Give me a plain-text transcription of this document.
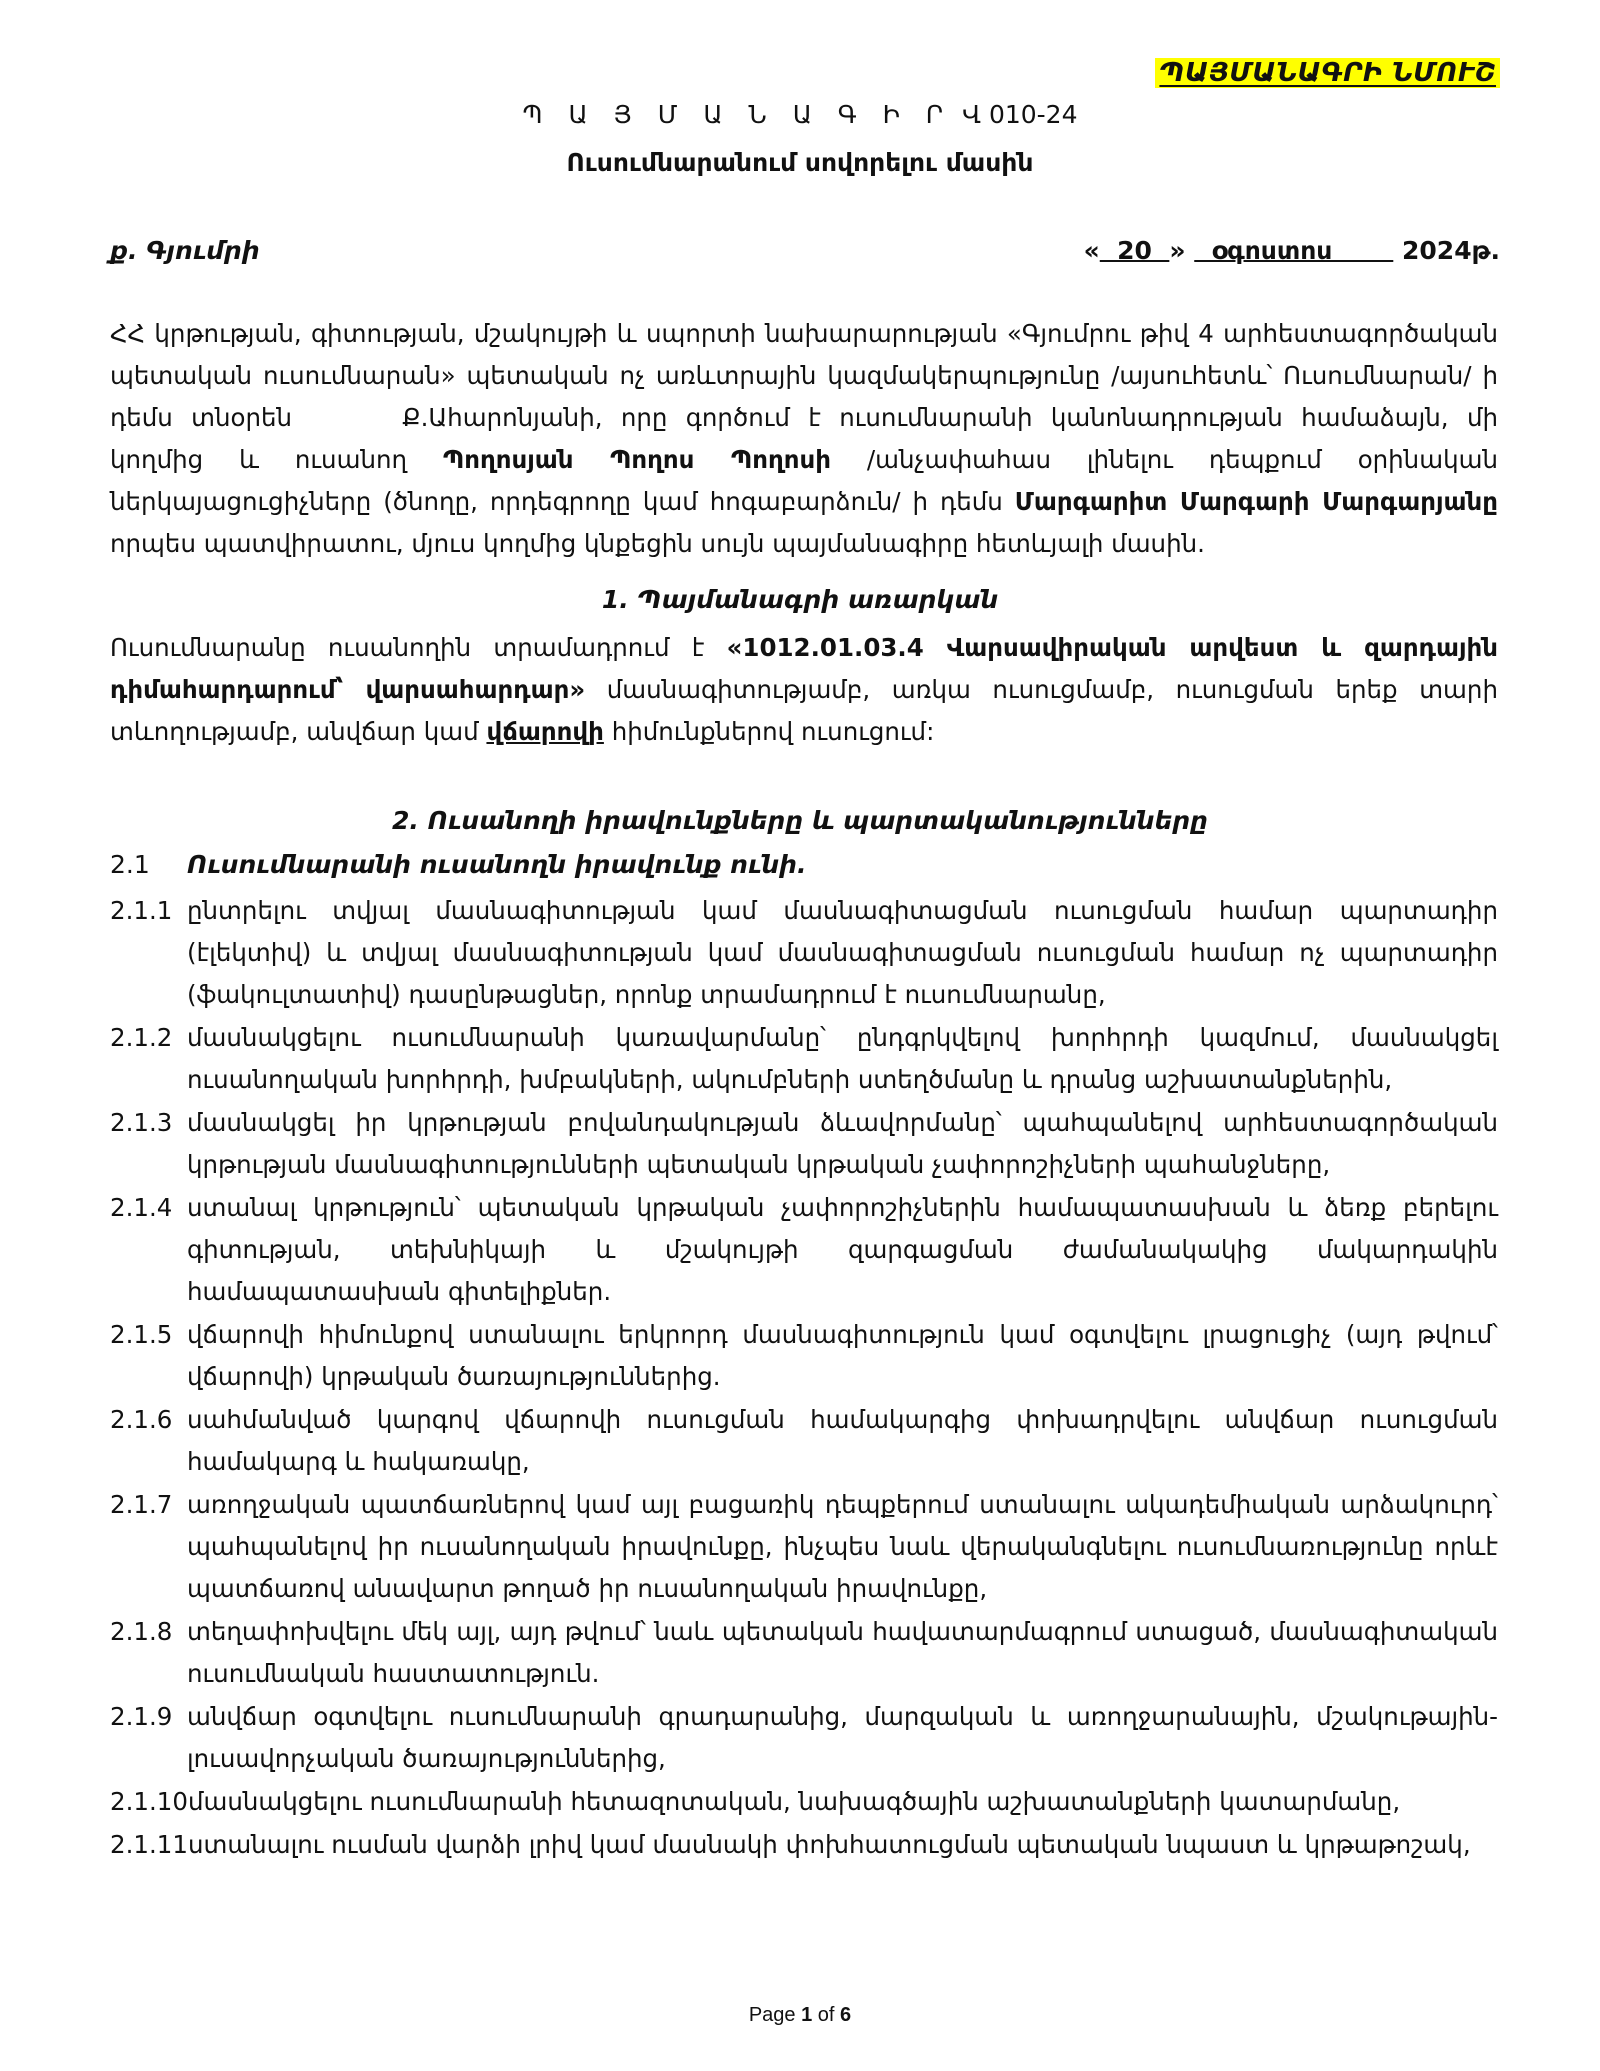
ՊԱՅՄԱՆԱԳՐԻ ՆՄՈՒՇ
Պ Ա Յ Մ Ա Ն Ա Գ Ի Ր Վ 010-24
Ուսումնարանում սովորելու մասին
ք. Գյումրի	«  20  »   օգոստոս        2024թ.
ՀՀ կրթության, գիտության, մշակույթի և սպորտի նախարարության «Գյումրու թիվ 4 արհեստագործական պետական ուսումնարան» պետական ոչ առևտրային կազմակերպությունը /այսուհետև՝ Ուսումնարան/ ի դեմս տնօրեն	Ք.Ահարոնյանի, որը գործում է ուսումնարանի կանոնադրության համաձայն, մի կողմից և ուսանող Պողոսյան Պողոս Պողոսի /անչափահաս լինելու դեպքում օրինական ներկայացուցիչները (ծնողը, որդեգրողը կամ հոգաբարձուն/ ի դեմս Մարգարիտ Մարգարի Մարգարյանը որպես պատվիրատու, մյուս կողմից կնքեցին սույն պայմանագիրը հետևյալի մասին.
1. Պայմանագրի առարկան
Ուսումնարանը ուսանողին տրամադրում է «1012.01.03.4 Վարսավիրական արվեստ և զարդային դիմահարդարում՝ վարսահարդար» մասնագիտությամբ, առկա ուսուցմամբ, ուսուցման երեք տարի տևողությամբ, անվճար կամ վճարովի հիմունքներով ուսուցում:
2. Ուսանողի իրավունքները և պարտականությունները
2.1 Ուսումնարանի ուսանողն իրավունք ունի.
2.1.1 ընտրելու տվյալ մասնագիտության կամ մասնագիտացման ուսուցման համար պարտադիր (էլեկտիվ) և տվյալ մասնագիտության կամ մասնագիտացման ուսուցման համար ոչ պարտադիր (ֆակուլտատիվ) դասընթացներ, որոնք տրամադրում է ուսումնարանը,
2.1.2 մասնակցելու ուսումնարանի կառավարմանը՝ ընդգրկվելով խորհրդի կազմում, մասնակցել ուսանողական խորհրդի, խմբակների, ակումբների ստեղծմանը և դրանց աշխատանքներին,
2.1.3 մասնակցել իր կրթության բովանդակության ձևավորմանը՝ պահպանելով արհեստագործական կրթության մասնագիտությունների պետական կրթական չափորոշիչների պահանջները,
2.1.4 ստանալ կրթություն՝ պետական կրթական չափորոշիչներին համապատասխան և ձեռք բերելու գիտության, տեխնիկայի և մշակույթի զարգացման ժամանակակից մակարդակին համապատասխան գիտելիքներ.
2.1.5 վճարովի հիմունքով ստանալու երկրորդ մասնագիտություն կամ օգտվելու լրացուցիչ (այդ թվում՝ վճարովի) կրթական ծառայություններից.
2.1.6 սահմանված կարգով վճարովի ուսուցման համակարգից փոխադրվելու անվճար ուսուցման համակարգ և հակառակը,
2.1.7 առողջական պատճառներով կամ այլ բացառիկ դեպքերում ստանալու ակադեմիական արձակուրդ՝ պահպանելով իր ուսանողական իրավունքը, ինչպես նաև վերականգնելու ուսումնառությունը որևէ պատճառով անավարտ թողած իր ուսանողական իրավունքը,
2.1.8 տեղափոխվելու մեկ այլ, այդ թվում՝ նաև պետական հավատարմագրում ստացած, մասնագիտական ուսումնական հաստատություն.
2.1.9 անվճար օգտվելու ուսումնարանի գրադարանից, մարզական և առողջարանային, մշակութային-լուսավորչական ծառայություններից,
2.1.10 մասնակցելու ուսումնարանի հետազոտական, նախագծային աշխատանքների կատարմանը,
2.1.11 ստանալու ուսման վարձի լրիվ կամ մասնակի փոխհատուցման պետական նպաստ և կրթաթոշակ,
Page 1 of 6
